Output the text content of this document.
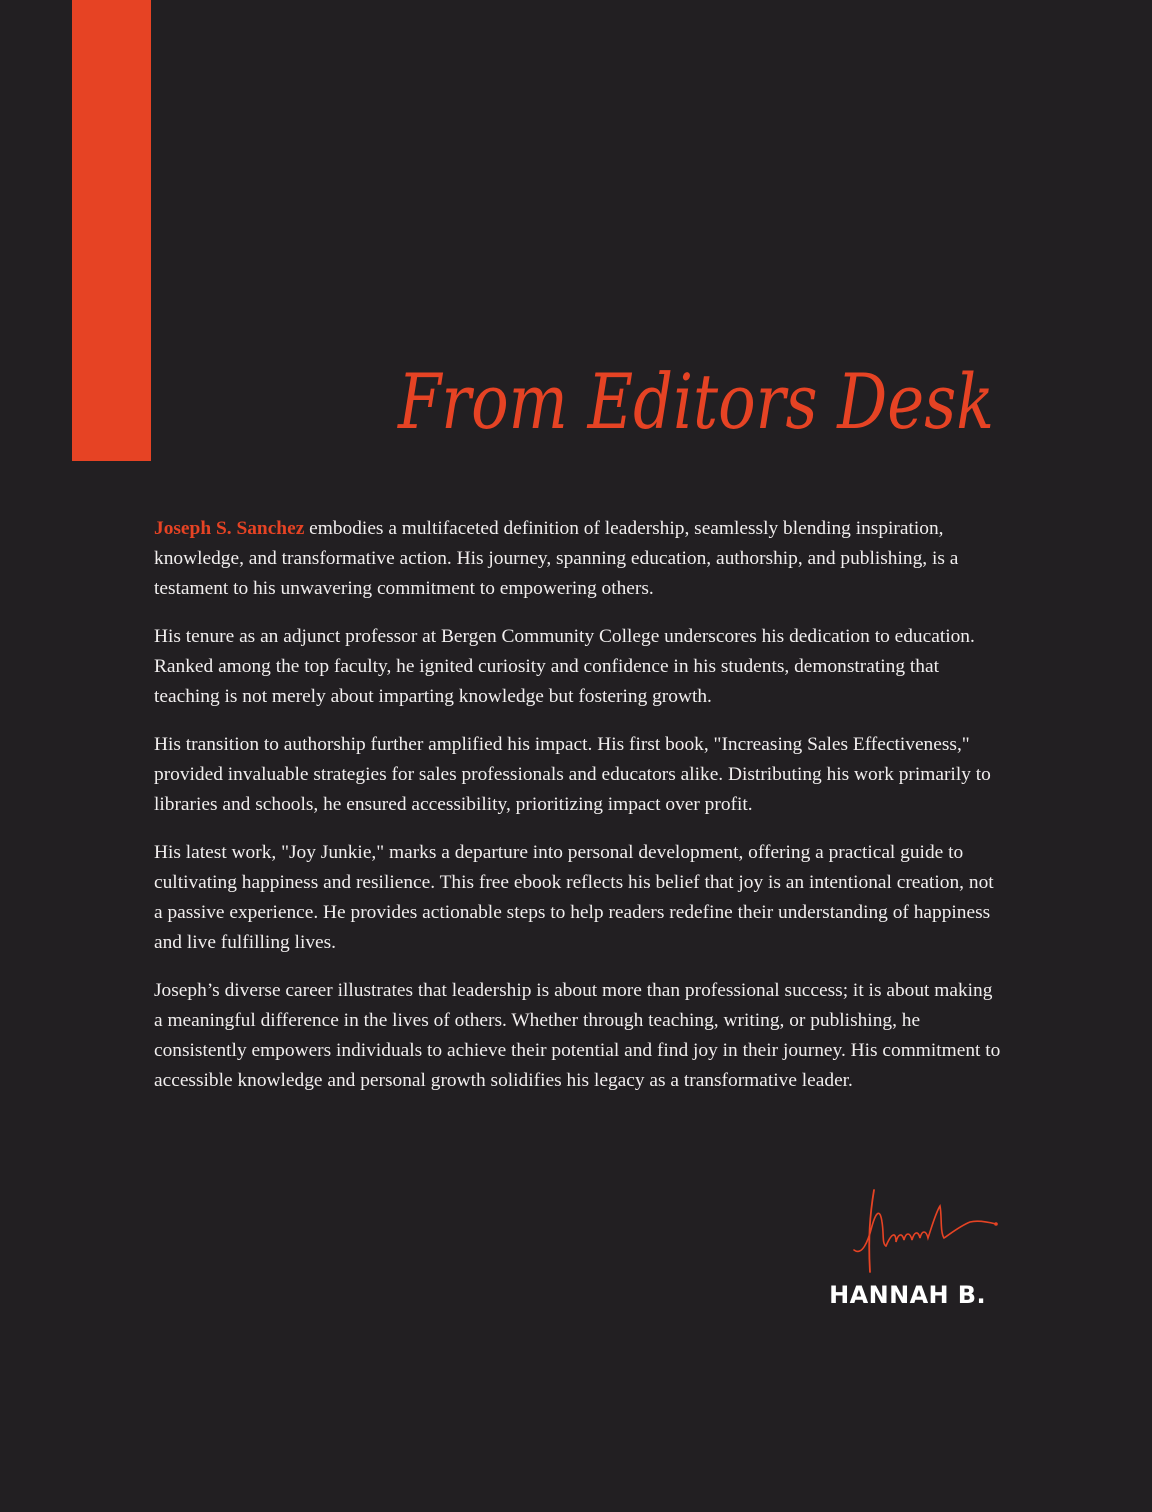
From Editors Desk

Joseph S. Sanchez embodies a multifaceted definition of leadership, seamlessly blending inspiration, knowledge, and transformative action. His journey, spanning education, authorship, and publishing, is a testament to his unwavering commitment to empowering others.

His tenure as an adjunct professor at Bergen Community College underscores his dedication to education. Ranked among the top faculty, he ignited curiosity and confidence in his students, demonstrating that teaching is not merely about imparting knowledge but fostering growth.

His transition to authorship further amplified his impact. His first book, "Increasing Sales Effectiveness," provided invaluable strategies for sales professionals and educators alike. Distributing his work primarily to libraries and schools, he ensured accessibility, prioritizing impact over profit.

His latest work, "Joy Junkie," marks a departure into personal development, offering a practical guide to cultivating happiness and resilience. This free ebook reflects his belief that joy is an intentional creation, not a passive experience. He provides actionable steps to help readers redefine their understanding of happiness and live fulfilling lives.

Joseph’s diverse career illustrates that leadership is about more than professional success; it is about making a meaningful difference in the lives of others. Whether through teaching, writing, or publishing, he consistently empowers individuals to achieve their potential and find joy in their journey. His commitment to accessible knowledge and personal growth solidifies his legacy as a transformative leader.

HANNAH B.
